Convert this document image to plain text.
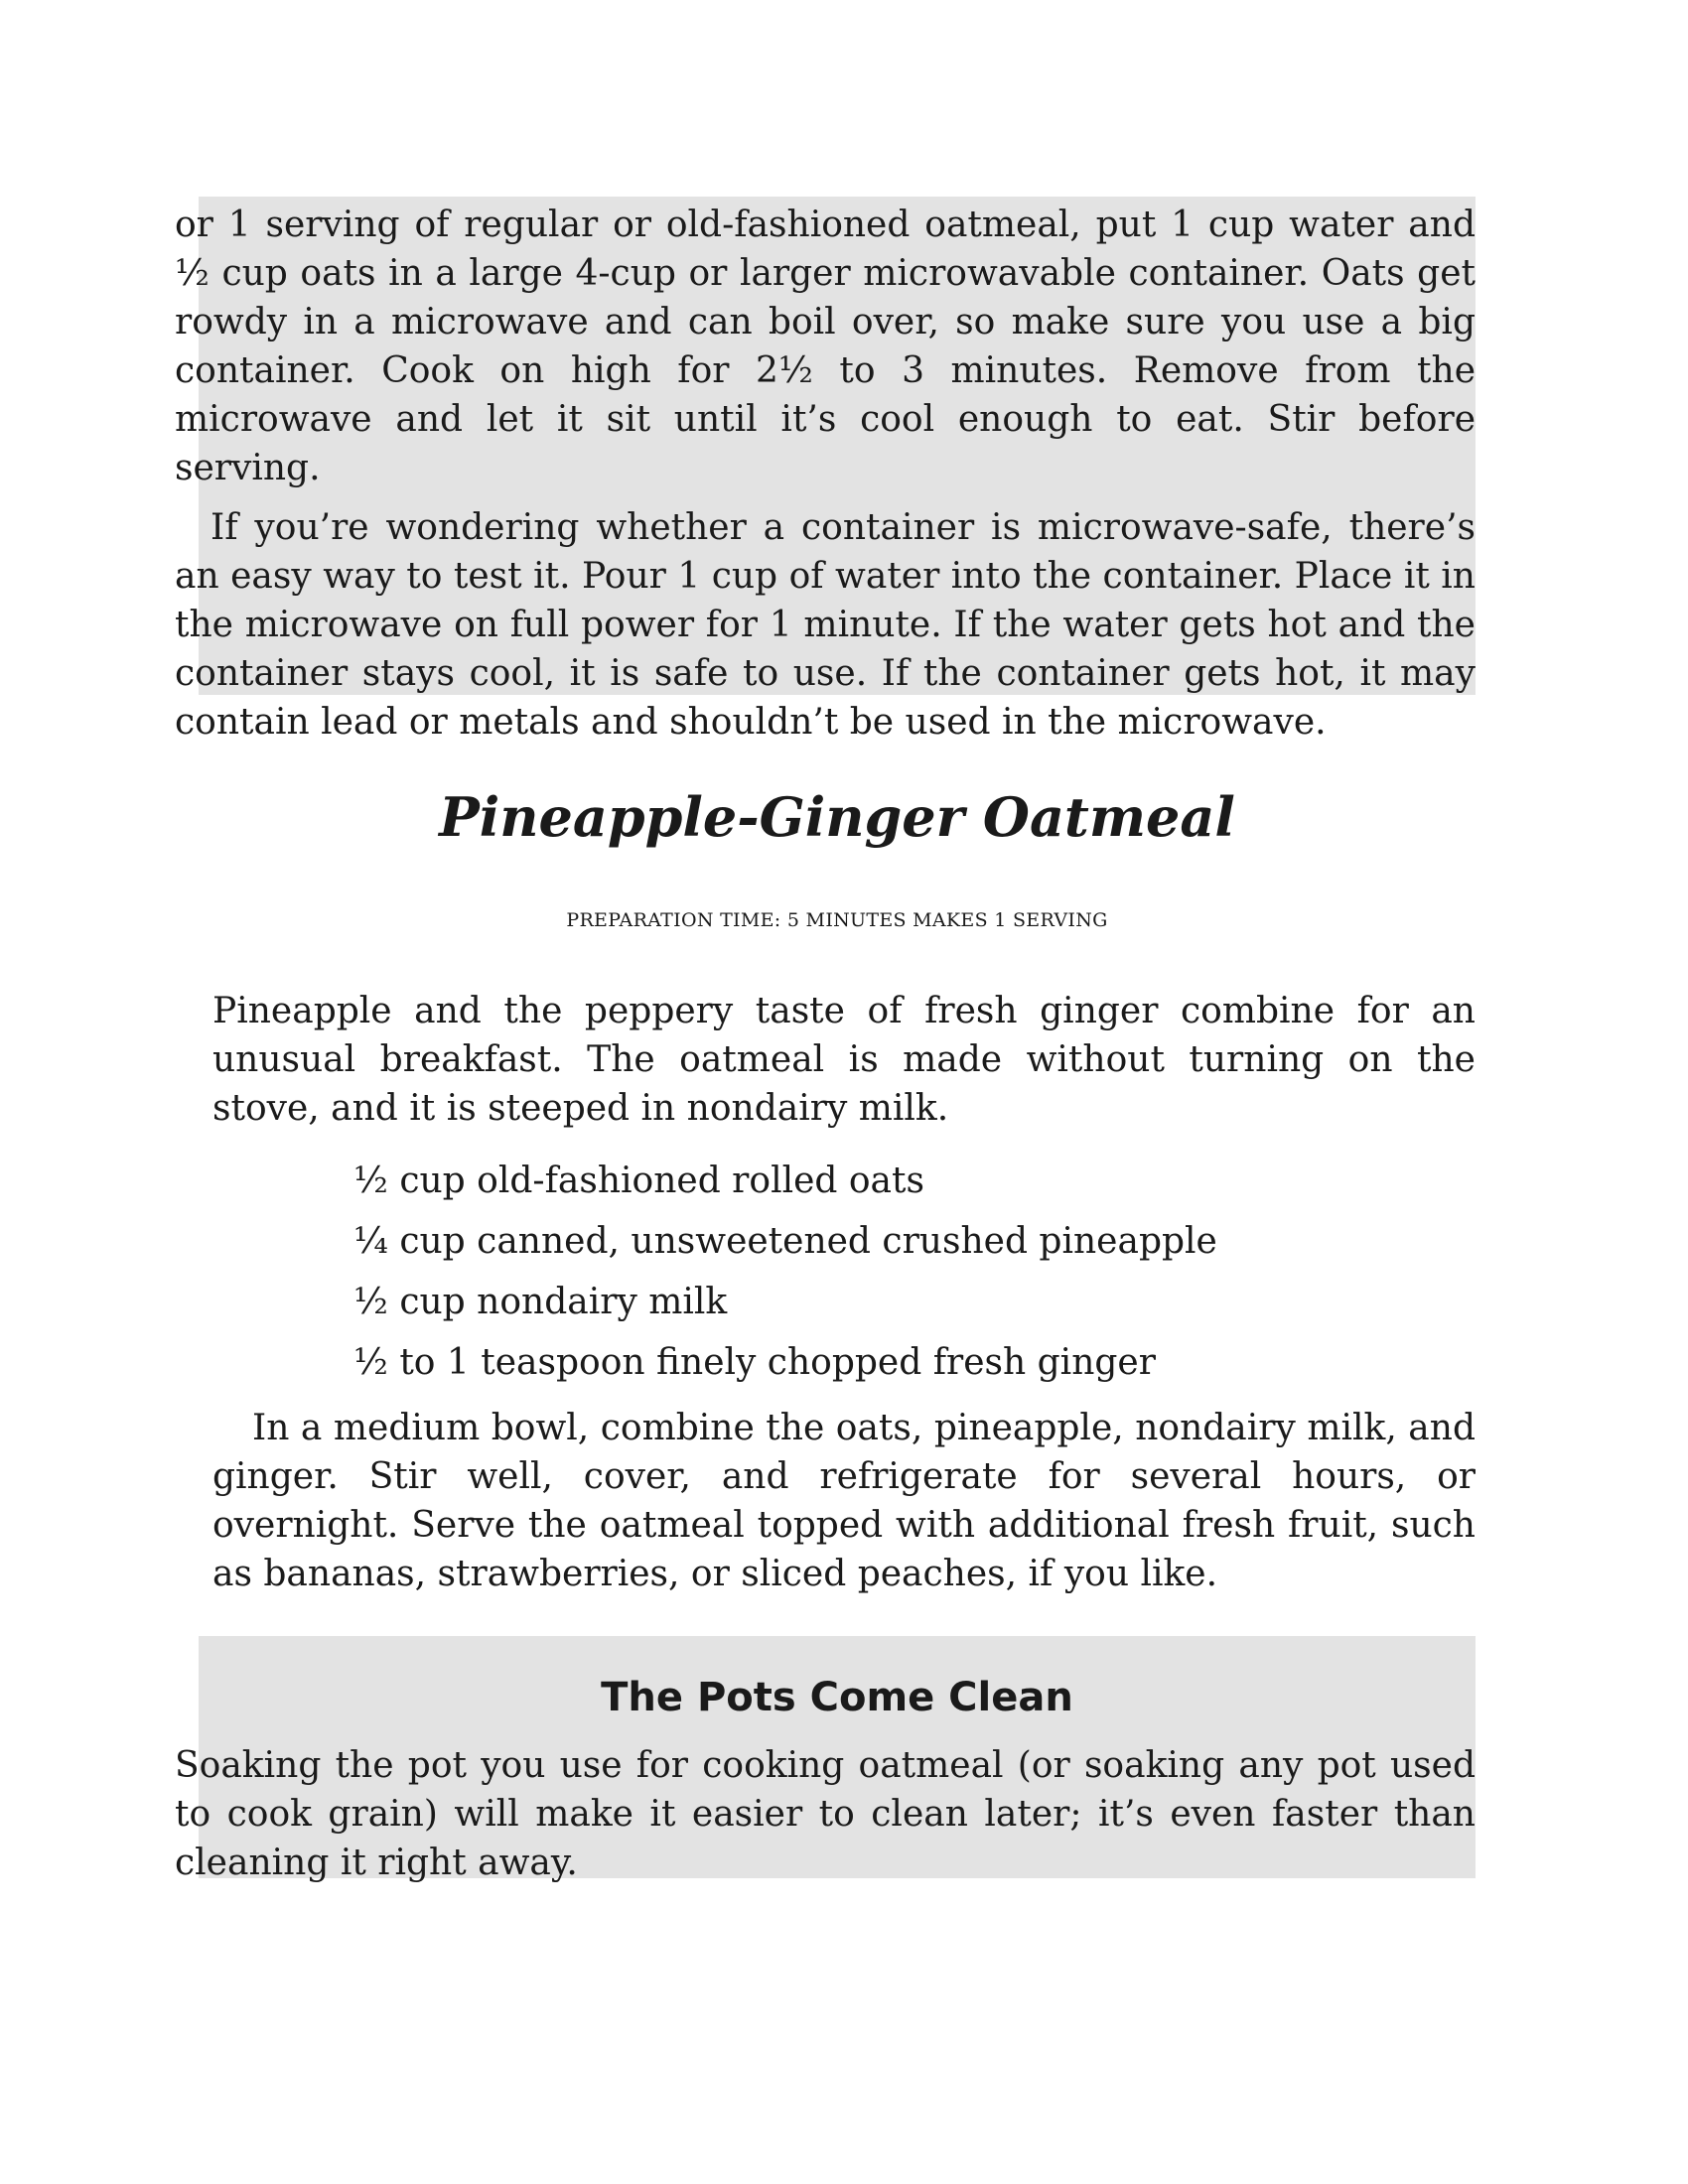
or 1 serving of regular or old-fashioned oatmeal, put 1 cup water and ½ cup oats in a large 4-cup or larger microwavable container. Oats get rowdy in a microwave and can boil over, so make sure you use a big container. Cook on high for 2½ to 3 minutes. Remove from the microwave and let it sit until it’s cool enough to eat. Stir before serving.

If you’re wondering whether a container is microwave-safe, there’s an easy way to test it. Pour 1 cup of water into the container. Place it in the microwave on full power for 1 minute. If the water gets hot and the container stays cool, it is safe to use. If the container gets hot, it may contain lead or metals and shouldn’t be used in the microwave.

Pineapple-Ginger Oatmeal

PREPARATION TIME: 5 MINUTES MAKES 1 SERVING

Pineapple and the peppery taste of fresh ginger combine for an unusual breakfast. The oatmeal is made without turning on the stove, and it is steeped in nondairy milk.

½ cup old-fashioned rolled oats
¼ cup canned, unsweetened crushed pineapple
½ cup nondairy milk
½ to 1 teaspoon finely chopped fresh ginger

In a medium bowl, combine the oats, pineapple, nondairy milk, and ginger. Stir well, cover, and refrigerate for several hours, or overnight. Serve the oatmeal topped with additional fresh fruit, such as bananas, strawberries, or sliced peaches, if you like.

The Pots Come Clean

Soaking the pot you use for cooking oatmeal (or soaking any pot used to cook grain) will make it easier to clean later; it’s even faster than cleaning it right away.
